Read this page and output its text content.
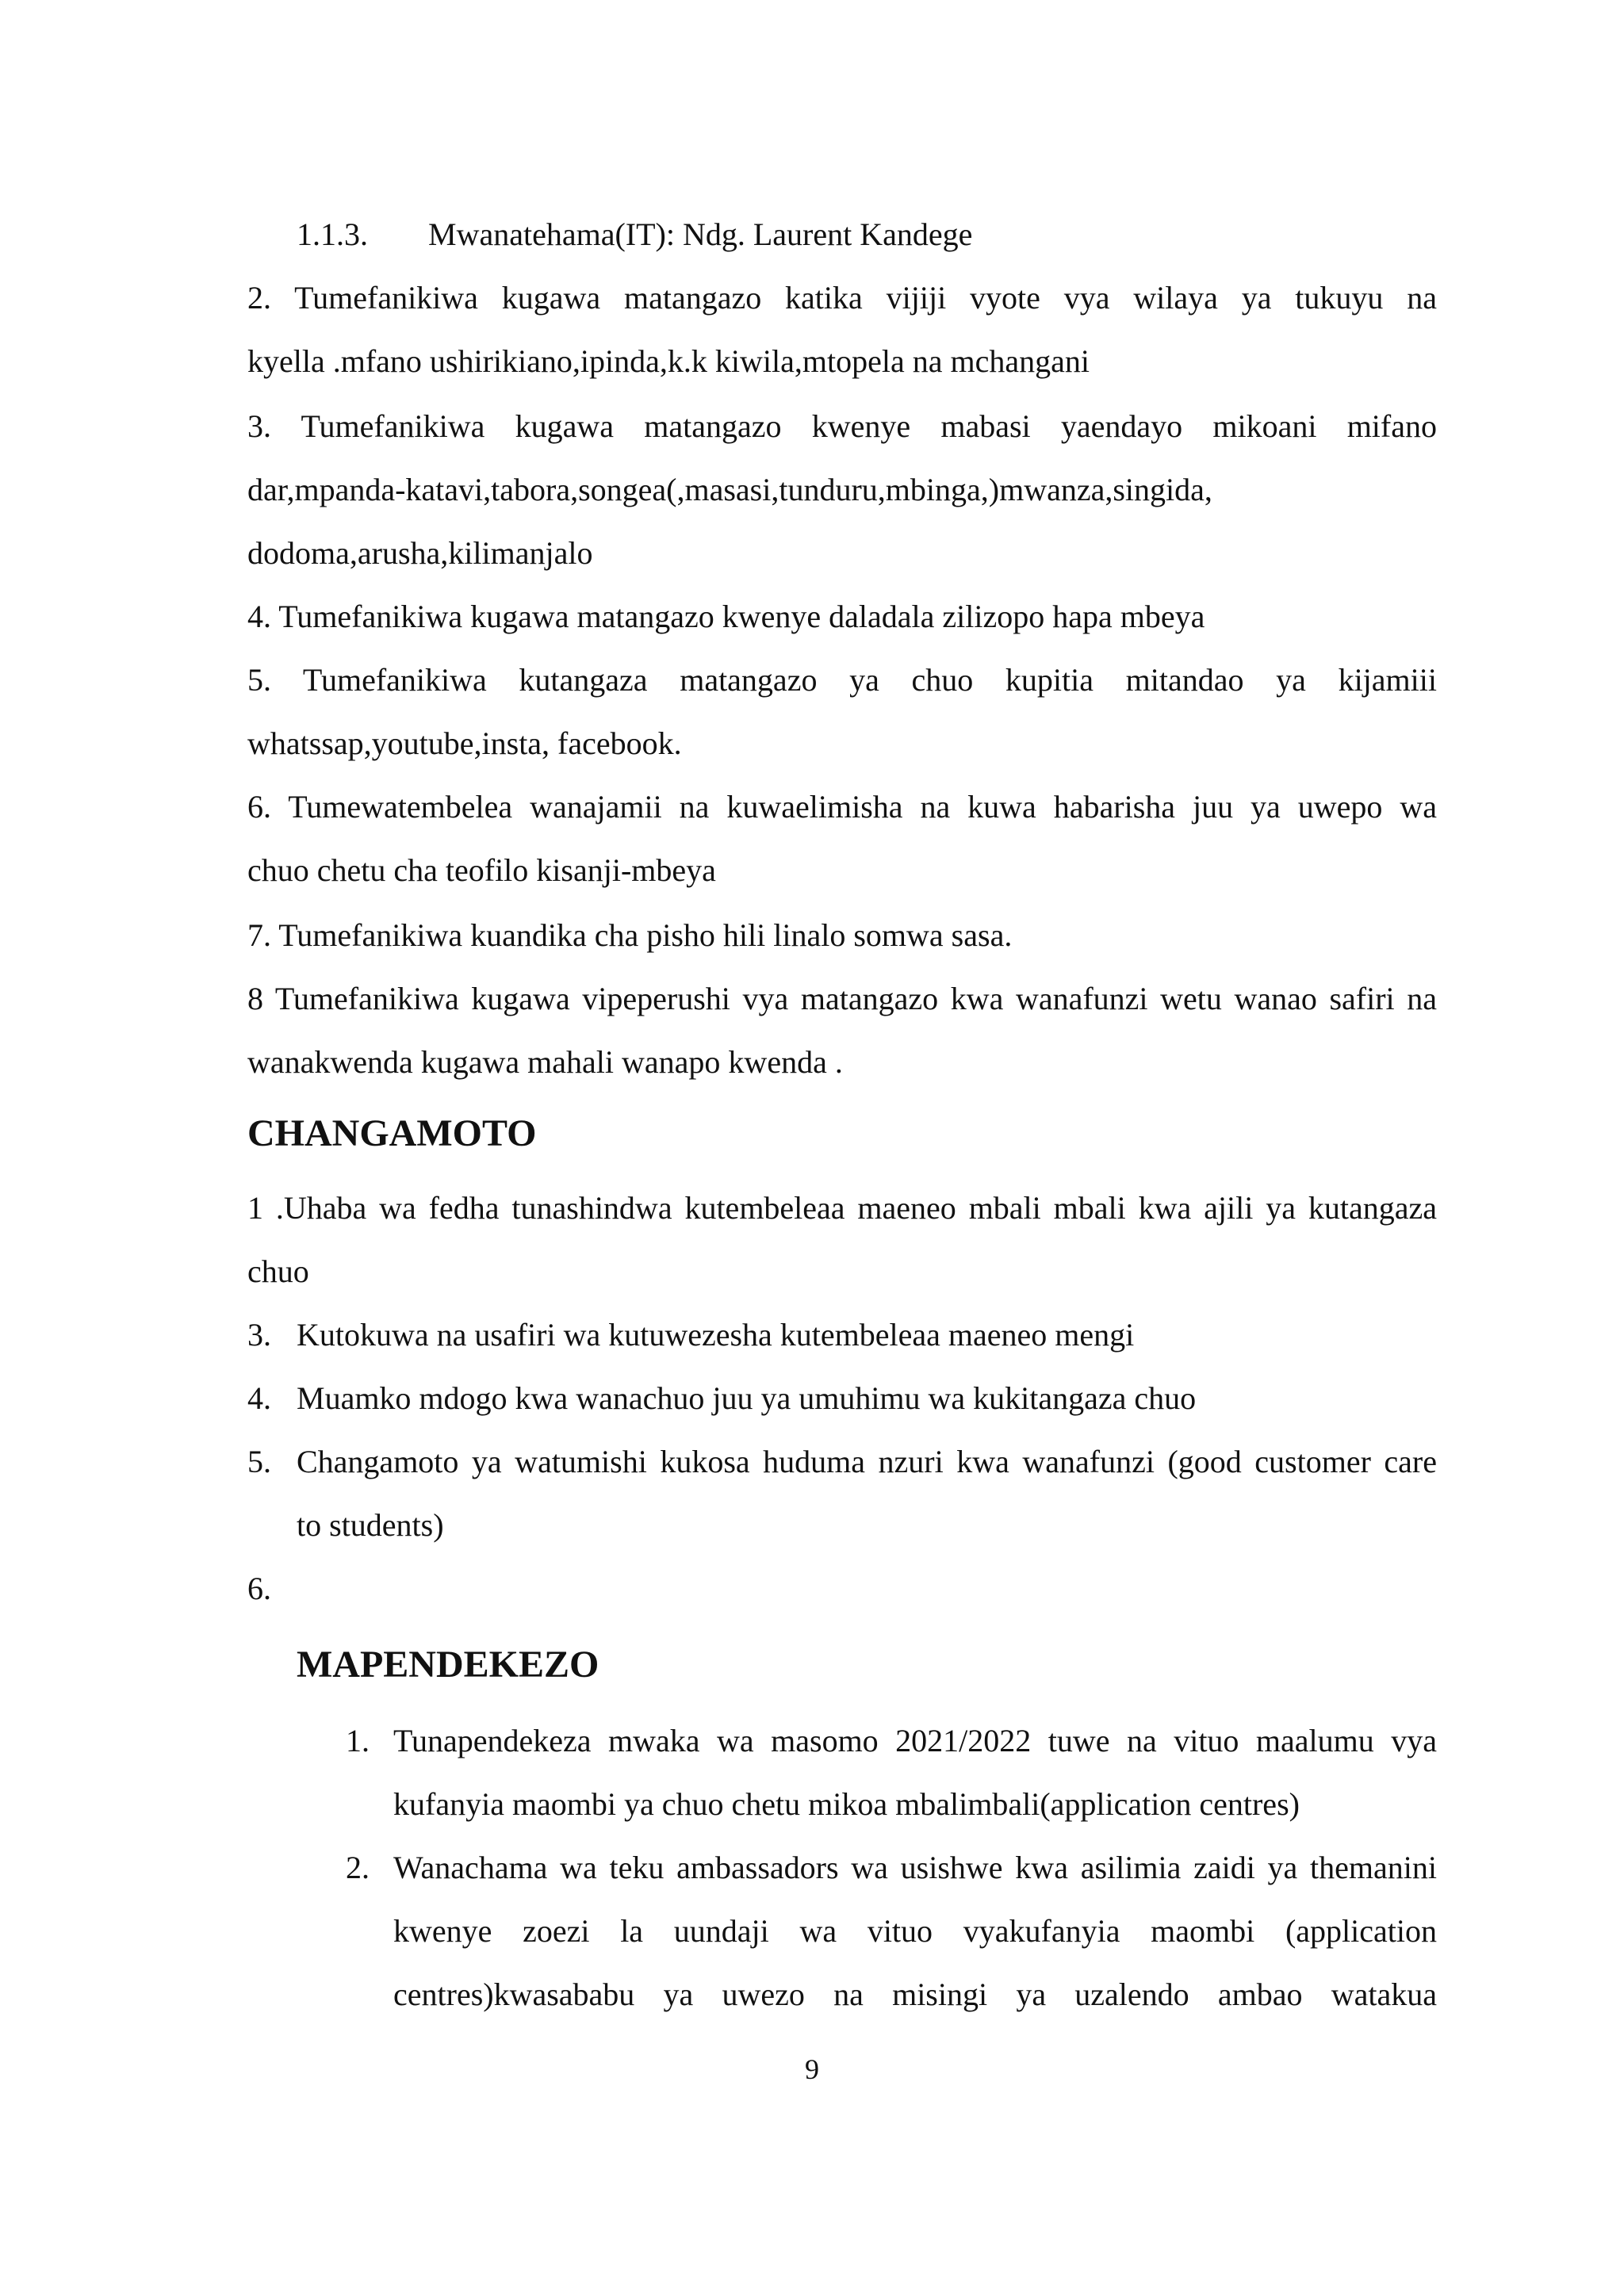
1.1.3. Mwanatehama(IT): Ndg. Laurent Kandege
2. Tumefanikiwa kugawa matangazo katika vijiji vyote vya wilaya ya tukuyu na
kyella .mfano ushirikiano,ipinda,k.k kiwila,mtopela na mchangani
3. Tumefanikiwa kugawa matangazo kwenye mabasi yaendayo mikoani mifano
dar,mpanda-katavi,tabora,songea(,masasi,tunduru,mbinga,)mwanza,singida,
dodoma,arusha,kilimanjalo
4. Tumefanikiwa kugawa matangazo kwenye daladala zilizopo hapa mbeya
5. Tumefanikiwa kutangaza matangazo ya chuo kupitia mitandao ya kijamiii
whatssap,youtube,insta, facebook.
6. Tumewatembelea wanajamii na kuwaelimisha na kuwa habarisha juu ya uwepo wa
chuo chetu cha teofilo kisanji-mbeya
7. Tumefanikiwa kuandika cha pisho hili linalo somwa sasa.
8 Tumefanikiwa kugawa vipeperushi vya matangazo kwa wanafunzi wetu wanao safiri na
wanakwenda kugawa mahali wanapo kwenda .
CHANGAMOTO
1 .Uhaba wa fedha tunashindwa kutembeleaa maeneo mbali mbali kwa ajili ya kutangaza
chuo
3. Kutokuwa na usafiri wa kutuwezesha kutembeleaa maeneo mengi
4. Muamko mdogo kwa wanachuo juu ya umuhimu wa kukitangaza chuo
5. Changamoto ya watumishi kukosa huduma nzuri kwa wanafunzi (good customer care
to students)
6.
MAPENDEKEZO
1. Tunapendekeza mwaka wa masomo 2021/2022 tuwe na vituo maalumu vya
kufanyia maombi ya chuo chetu mikoa mbalimbali(application centres)
2. Wanachama wa teku ambassadors wa usishwe kwa asilimia zaidi ya themanini
kwenye zoezi la uundaji wa vituo vyakufanyia maombi (application
centres)kwasababu ya uwezo na misingi ya uzalendo ambao watakua
9
